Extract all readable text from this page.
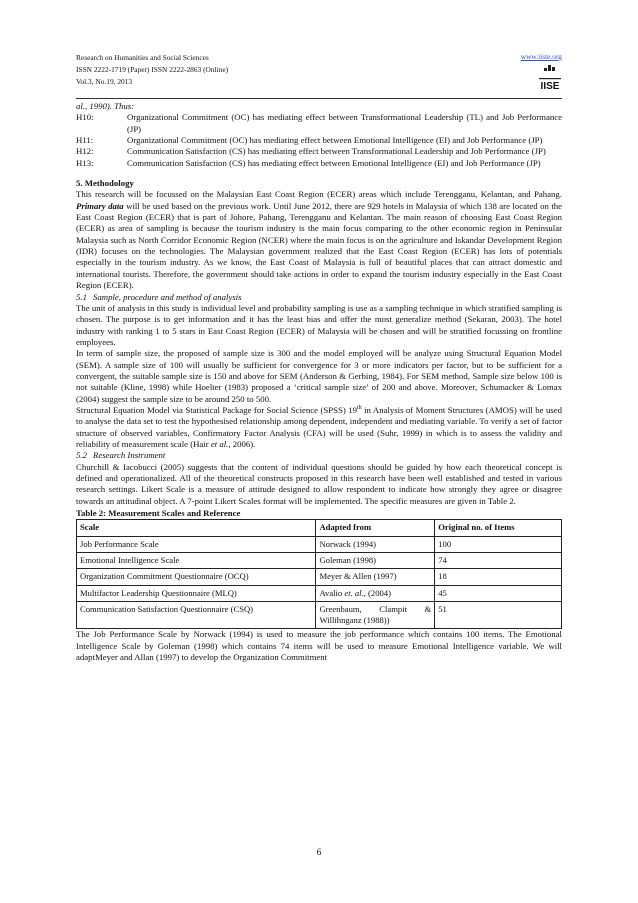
Research on Humanities and Social Sciences
ISSN 2222-1719 (Paper) ISSN 2222-2863 (Online)
Vol.3, No.19, 2013
www.iiste.org
IISE

al., 1990). Thus:

H10:	Organizational Commitment (OC) has mediating effect between Transformational Leadership (TL) and Job Performance (JP)
H11:	Organizational Commitment (OC) has mediating effect between Emotional Intelligence (EI) and Job Performance (JP)
H12:	Communication Satisfaction (CS) has mediating effect between Transformational Leadership and Job Performance (JP)
H13:	Communication Satisfaction (CS) has mediating effect between Emotional Intelligence (EI) and Job Performance (JP)
5. Methodology

This research will be focussed on the Malaysian East Coast Region (ECER) areas which include Terengganu, Kelantan, and Pahang. Primary data will be used based on the previous work. Until June 2012, there are 929 hotels in Malaysia of which 138 are located on the East Coast Region (ECER) that is part of Johore, Pahang, Terengganu and Kelantan. The main reason of choosing East Coast Region (ECER) as area of sampling is because the tourism industry is the main focus comparing to the other economic region in Peninsular Malaysia such as North Corridor Economic Region (NCER) where the main focus is on the agriculture and Iskandar Development Region (IDR) focuses on the technologies. The Malaysian government realized that the East Coast Region (ECER) has lots of potentials especially in the tourism industry. As we know, the East Coast of Malaysia is full of beautiful places that can attract domestic and international tourists. Therefore, the government should take actions in order to expand the tourism industry especially in the East Coast Region (ECER).

5.1 Sample, procedure and method of analysis

The unit of analysis in this study is individual level and probability sampling is use as a sampling technique in which stratified sampling is chosen. The purpose is to get information and it has the least bias and offer the most generalize method (Sekaran, 2003). The hotel industry with ranking 1 to 5 stars in East Coast Region (ECER) of Malaysia will be chosen and will be stratified focussing on frontline employees.

In term of sample size, the proposed of sample size is 300 and the model employed will be analyze using Structural Equation Model (SEM). A sample size of 100 will usually be sufficient for convergence for 3 or more indicators per factor, but to be sufficient for a convergent, the suitable sample size is 150 and above for SEM (Anderson & Gerbing, 1984). For SEM method, Sample size below 100 is not suitable (Kline, 1998) while Hoelter (1983) proposed a ‘critical sample size’ of 200 and above. Moreover, Schumacker & Lomax (2004) suggest the sample size to be around 250 to 500.

Structural Equation Model via Statistical Package for Social Science (SPSS) 19th in Analysis of Moment Structures (AMOS) will be used to analyse the data set to test the hypothesised relationship among dependent, independent and mediating variable. To verify a set of factor structure of observed variables, Confirmatory Factor Analysis (CFA) will be used (Suhr, 1999) in which is to assess the validity and reliability of measurement scale (Hair et al., 2006).

5.2 Research Instrument

Churchill & Iacobucci (2005) suggests that the content of individual questions should be guided by how each theoretical concept is defined and operationalized. All of the theoretical constructs proposed in this research have been well established and tested in various research settings. Likert Scale is a measure of attitude designed to allow respondent to indicate how strongly they agree or disagree towards an attitudinal object. A 7-point Likert Scales format will be implemented. The specific measures are given in Table 2.

Table 2: Measurement Scales and Reference
Scale	Adapted from	Original no. of Items
Job Performance Scale	Norwack (1994)	100
Emotional Intelligence Scale	Goleman (1998)	74
Organization Commitment Questionnaire (OCQ)	Meyer & Allen (1997)	18
Multifactor Leadership Questionnaire (MLQ)	Avalio et. al., (2004)	45
Communication Satisfaction Questionnaire (CSQ)	Greenbaum, Clampit & Willihnganz (1988))	51

The Job Performance Scale by Norwack (1994) is used to measure the job performance which contains 100 items. The Emotional Intelligence Scale by Goleman (1998) which contains 74 items will be used to measure Emotional Intelligence variable. We will adaptMeyer and Allan (1997) to develop the Organization Commitment

6
